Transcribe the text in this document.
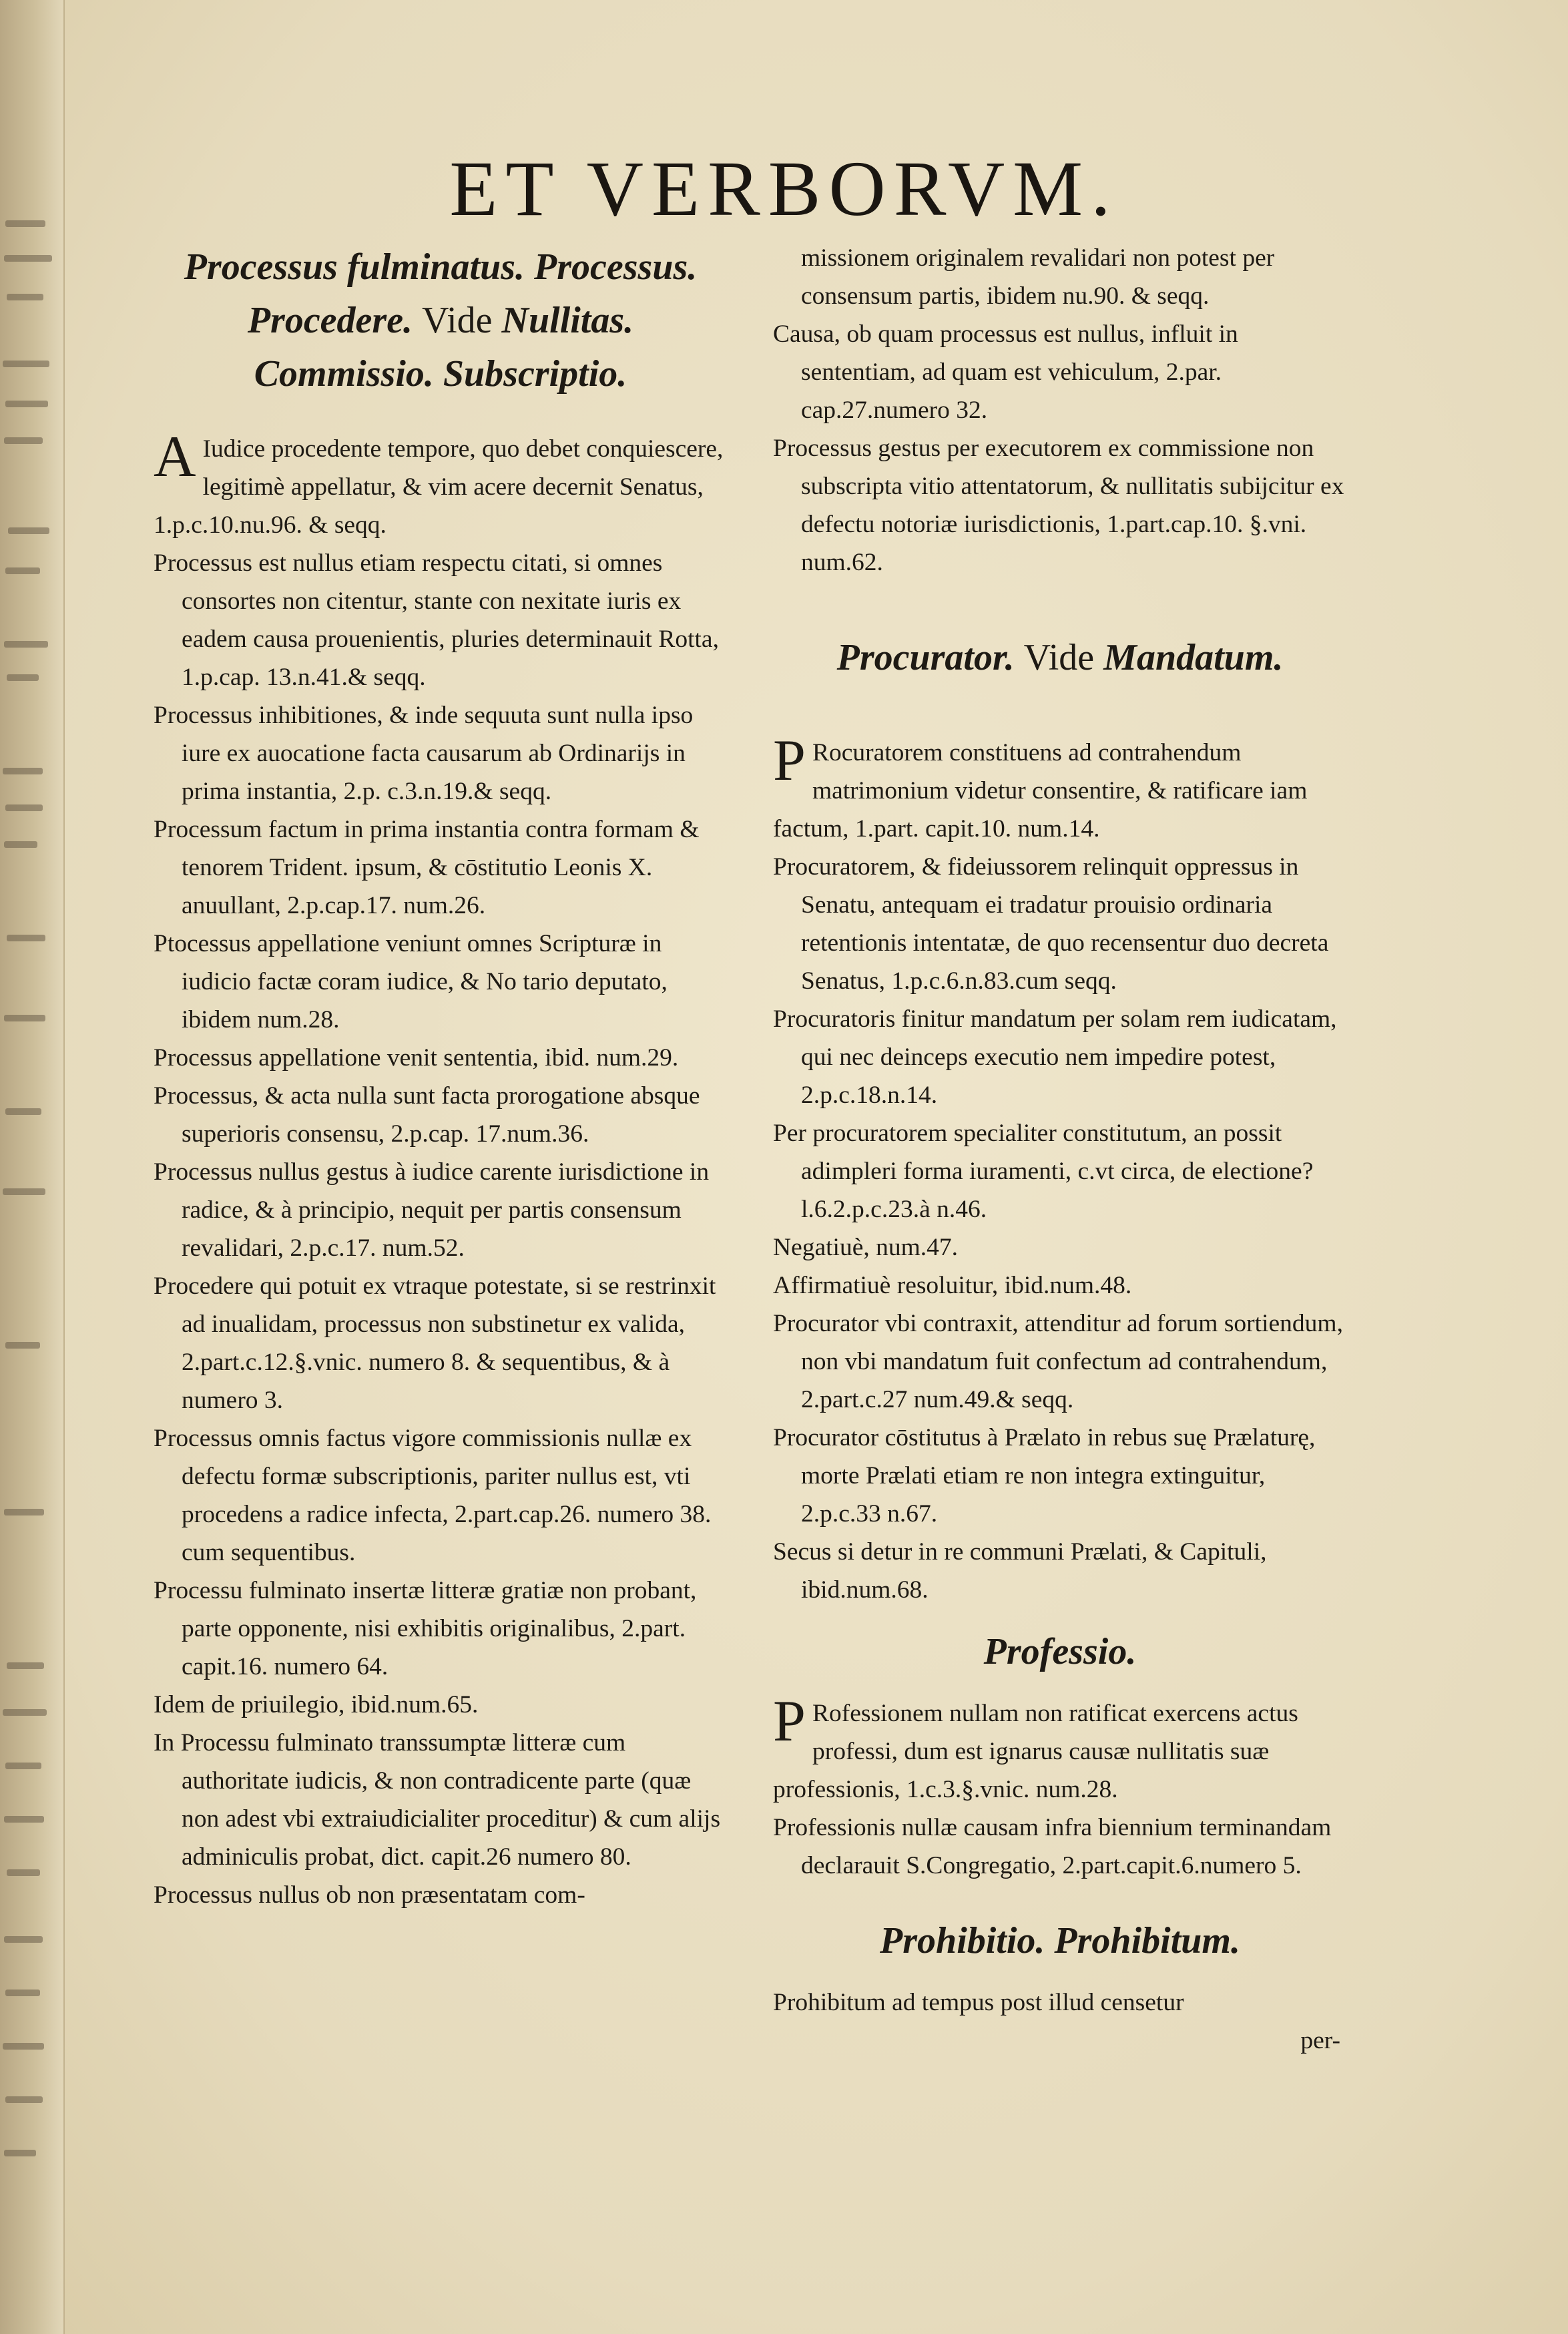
ET VERBORVM.

Processus fulminatus. Processus.
Procedere. Vide Nullitas.
Commissio. Subscriptio.

A Iudice procedente tempore, quo debet conquiescere, legitimè appellatur, & vim acere decernit Senatus, 1.p.c.10.nu.96. & seqq.

Processus est nullus etiam respectu citati, si omnes consortes non citentur, stante con nexitate iuris ex eadem causa prouenientis, pluries determinauit Rotta, 1.p.cap. 13.n.41.& seqq.

Processus inhibitiones, & inde sequuta sunt nulla ipso iure ex auocatione facta causarum ab Ordinarijs in prima instantia, 2.p. c.3.n.19.& seqq.

Processum factum in prima instantia contra formam & tenorem Trident. ipsum, & cōstitutio Leonis X. anuullant, 2.p.cap.17. num.26.

Ptocessus appellatione veniunt omnes Scripturæ in iudicio factæ coram iudice, & No tario deputato, ibidem num.28.

Processus appellatione venit sententia, ibid. num.29.

Processus, & acta nulla sunt facta prorogatione absque superioris consensu, 2.p.cap. 17.num.36.

Processus nullus gestus à iudice carente iurisdictione in radice, & à principio, nequit per partis consensum revalidari, 2.p.c.17. num.52.

Procedere qui potuit ex vtraque potestate, si se restrinxit ad inualidam, processus non substinetur ex valida, 2.part.c.12.§.vnic. numero 8. & sequentibus, & à numero 3.

Processus omnis factus vigore commissionis nullæ ex defectu formæ subscriptionis, pariter nullus est, vti procedens a radice infecta, 2.part.cap.26. numero 38. cum sequentibus.

Processu fulminato insertæ litteræ gratiæ non probant, parte opponente, nisi exhibitis originalibus, 2.part. capit.16. numero 64.

Idem de priuilegio, ibid.num.65.

In Processu fulminato transsumptæ litteræ cum authoritate iudicis, & non contradicente parte (quæ non adest vbi extraiudicialiter proceditur) & cum alijs adminiculis probat, dict. capit.26 numero 80.

Processus nullus ob non præsentatam com-

missionem originalem revalidari non potest per consensum partis, ibidem nu.90. & seqq.

Causa, ob quam processus est nullus, influit in sententiam, ad quam est vehiculum, 2.par. cap.27.numero 32.

Processus gestus per executorem ex commissione non subscripta vitio attentatorum, & nullitatis subijcitur ex defectu notoriæ iurisdictionis, 1.part.cap.10. §.vni. num.62.

Procurator. Vide Mandatum.

P Rocuratorem constituens ad contrahendum matrimonium videtur consentire, & ratificare iam factum, 1.part. capit.10. num.14.

Procuratorem, & fideiussorem relinquit oppressus in Senatu, antequam ei tradatur prouisio ordinaria retentionis intentatæ, de quo recensentur duo decreta Senatus, 1.p.c.6.n.83.cum seqq.

Procuratoris finitur mandatum per solam rem iudicatam, qui nec deinceps executio nem impedire potest, 2.p.c.18.n.14.

Per procuratorem specialiter constitutum, an possit adimpleri forma iuramenti, c.vt circa, de electione?l.6.2.p.c.23.à n.46.

Negatiuè, num.47.

Affirmatiuè resoluitur, ibid.num.48.

Procurator vbi contraxit, attenditur ad forum sortiendum, non vbi mandatum fuit confectum ad contrahendum, 2.part.c.27 num.49.& seqq.

Procurator cōstitutus à Prælato in rebus suę Prælaturę, morte Prælati etiam re non integra extinguitur, 2.p.c.33 n.67.

Secus si detur in re communi Prælati, & Capituli, ibid.num.68.

Professio.

P Rofessionem nullam non ratificat exercens actus professi, dum est ignarus causæ nullitatis suæ professionis, 1.c.3.§.vnic. num.28.

Professionis nullæ causam infra biennium terminandam declarauit S.Congregatio, 2.part.capit.6.numero 5.

Prohibitio. Prohibitum.

Prohibitum ad tempus post illud censetur

per-
